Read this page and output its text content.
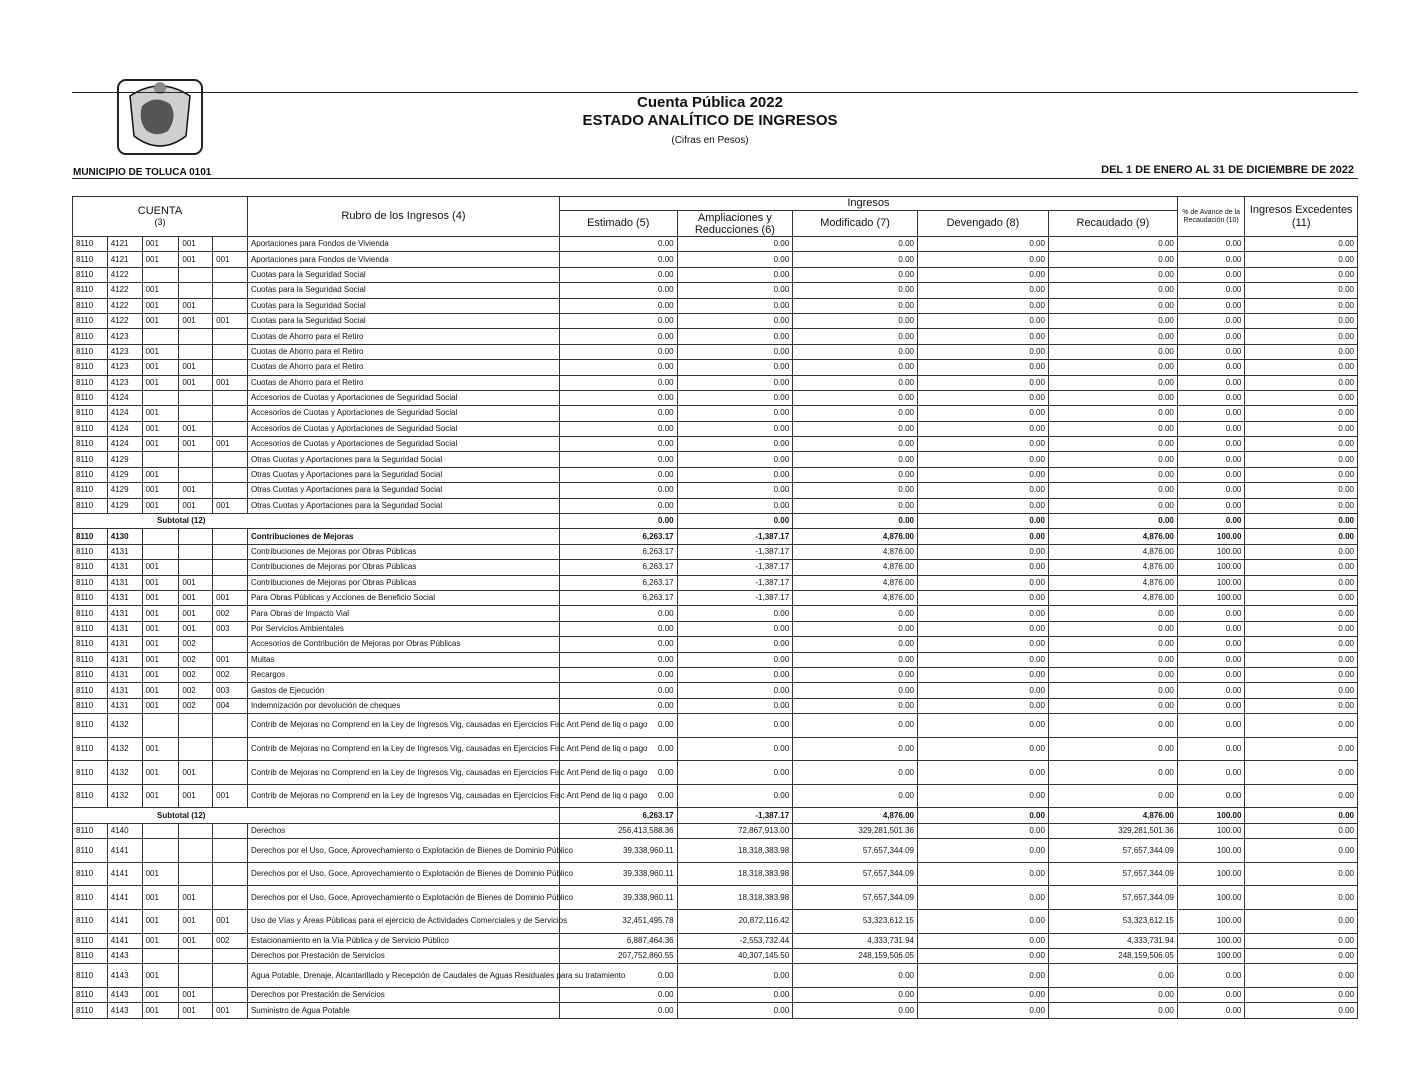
Cuenta Pública 2022
ESTADO ANALÍTICO DE INGRESOS
(Cifras en Pesos)
MUNICIPIO DE TOLUCA 0101	DEL 1 DE ENERO AL 31 DE DICIEMBRE DE 2022
CUENTA
(3)					Rubro de los Ingresos (4)	Ingresos					% de Avance de la Recaudación (10)	Ingresos Excedentes (11)
						Estimado (5)	Ampliaciones y Reducciones (6)	Modificado (7)	Devengado (8)	Recaudado (9)		
8110	4121	001	001		Aportaciones para Fondos de Vivienda	0.00	0.00	0.00	0.00	0.00	0.00	0.00
8110	4121	001	001	001	Aportaciones para Fondos de Vivienda	0.00	0.00	0.00	0.00	0.00	0.00	0.00
8110	4122				Cuotas para la Seguridad Social	0.00	0.00	0.00	0.00	0.00	0.00	0.00
8110	4122	001			Cuotas para la Seguridad Social	0.00	0.00	0.00	0.00	0.00	0.00	0.00
8110	4122	001	001		Cuotas para la Seguridad Social	0.00	0.00	0.00	0.00	0.00	0.00	0.00
8110	4122	001	001	001	Cuotas para la Seguridad Social	0.00	0.00	0.00	0.00	0.00	0.00	0.00
8110	4123				Cuotas de Ahorro para el Retiro	0.00	0.00	0.00	0.00	0.00	0.00	0.00
8110	4123	001			Cuotas de Ahorro para el Retiro	0.00	0.00	0.00	0.00	0.00	0.00	0.00
8110	4123	001	001		Cuotas de Ahorro para el Retiro	0.00	0.00	0.00	0.00	0.00	0.00	0.00
8110	4123	001	001	001	Cuotas de Ahorro para el Retiro	0.00	0.00	0.00	0.00	0.00	0.00	0.00
8110	4124				Accesorios de Cuotas y Aportaciones de Seguridad Social	0.00	0.00	0.00	0.00	0.00	0.00	0.00
8110	4124	001			Accesorios de Cuotas y Aportaciones de Seguridad Social	0.00	0.00	0.00	0.00	0.00	0.00	0.00
8110	4124	001	001		Accesorios de Cuotas y Aportaciones de Seguridad Social	0.00	0.00	0.00	0.00	0.00	0.00	0.00
8110	4124	001	001	001	Accesorios de Cuotas y Aportaciones de Seguridad Social	0.00	0.00	0.00	0.00	0.00	0.00	0.00
8110	4129				Otras Cuotas y Aportaciones para la Seguridad Social	0.00	0.00	0.00	0.00	0.00	0.00	0.00
8110	4129	001			Otras Cuotas y Aportaciones para la Seguridad Social	0.00	0.00	0.00	0.00	0.00	0.00	0.00
8110	4129	001	001		Otras Cuotas y Aportaciones para la Seguridad Social	0.00	0.00	0.00	0.00	0.00	0.00	0.00
8110	4129	001	001	001	Otras Cuotas y Aportaciones para la Seguridad Social	0.00	0.00	0.00	0.00	0.00	0.00	0.00
Subtotal (12)						0.00	0.00	0.00	0.00	0.00	0.00	0.00
8110	4130				Contribuciones de Mejoras	6,263.17	-1,387.17	4,876.00	0.00	4,876.00	100.00	0.00
8110	4131				Contribuciones de Mejoras por Obras Públicas	6,263.17	-1,387.17	4,876.00	0.00	4,876.00	100.00	0.00
8110	4131	001			Contribuciones de Mejoras por Obras Públicas	6,263.17	-1,387.17	4,876.00	0.00	4,876.00	100.00	0.00
8110	4131	001	001		Contribuciones de Mejoras por Obras Públicas	6,263.17	-1,387.17	4,876.00	0.00	4,876.00	100.00	0.00
8110	4131	001	001	001	Para Obras Públicas y Acciones de Beneficio Social	6,263.17	-1,387.17	4,876.00	0.00	4,876.00	100.00	0.00
8110	4131	001	001	002	Para Obras de Impacto Vial	0.00	0.00	0.00	0.00	0.00	0.00	0.00
8110	4131	001	001	003	Por Servicios Ambientales	0.00	0.00	0.00	0.00	0.00	0.00	0.00
8110	4131	001	002		Accesorios de Contribución de Mejoras por Obras Públicas	0.00	0.00	0.00	0.00	0.00	0.00	0.00
8110	4131	001	002	001	Multas	0.00	0.00	0.00	0.00	0.00	0.00	0.00
8110	4131	001	002	002	Recargos	0.00	0.00	0.00	0.00	0.00	0.00	0.00
8110	4131	001	002	003	Gastos de Ejecución	0.00	0.00	0.00	0.00	0.00	0.00	0.00
8110	4131	001	002	004	Indemnización por devolución de cheques	0.00	0.00	0.00	0.00	0.00	0.00	0.00
8110	4132				Contrib de Mejoras no Comprend en la Ley de Ingresos Vig, causadas en Ejercicios Fisc Ant Pend de liq o pago	0.00	0.00	0.00	0.00	0.00	0.00	0.00
8110	4132	001			Contrib de Mejoras no Comprend en la Ley de Ingresos Vig, causadas en Ejercicios Fisc Ant Pend de liq o pago	0.00	0.00	0.00	0.00	0.00	0.00	0.00
8110	4132	001	001		Contrib de Mejoras no Comprend en la Ley de Ingresos Vig, causadas en Ejercicios Fisc Ant Pend de liq o pago	0.00	0.00	0.00	0.00	0.00	0.00	0.00
8110	4132	001	001	001	Contrib de Mejoras no Comprend en la Ley de Ingresos Vig, causadas en Ejercicios Fisc Ant Pend de liq o pago	0.00	0.00	0.00	0.00	0.00	0.00	0.00
Subtotal (12)						6,263.17	-1,387.17	4,876.00	0.00	4,876.00	100.00	0.00
8110	4140				Derechos	256,413,588.36	72,867,913.00	329,281,501.36	0.00	329,281,501.36	100.00	0.00
8110	4141				Derechos por el Uso, Goce, Aprovechamiento o Explotación de Bienes de Dominio Público	39,338,960.11	18,318,383.98	57,657,344.09	0.00	57,657,344.09	100.00	0.00
8110	4141	001			Derechos por el Uso, Goce, Aprovechamiento o Explotación de Bienes de Dominio Público	39,338,960.11	18,318,383.98	57,657,344.09	0.00	57,657,344.09	100.00	0.00
8110	4141	001	001		Derechos por el Uso, Goce, Aprovechamiento o Explotación de Bienes de Dominio Público	39,338,960.11	18,318,383.98	57,657,344.09	0.00	57,657,344.09	100.00	0.00
8110	4141	001	001	001	Uso de Vías y Áreas Públicas para el ejercicio de Actividades Comerciales y de Servicios	32,451,495.78	20,872,116.42	53,323,612.15	0.00	53,323,612.15	100.00	0.00
8110	4141	001	001	002	Estacionamiento en la Vía Pública y de Servicio Público	6,887,464.36	-2,553,732.44	4,333,731.94	0.00	4,333,731.94	100.00	0.00
8110	4143				Derechos por Prestación de Servicios	207,752,860.55	40,307,145.50	248,159,506.05	0.00	248,159,506.05	100.00	0.00
8110	4143	001			Agua Potable, Drenaje, Alcantarillado y Recepción de Caudales de Aguas Residuales para su tratamiento	0.00	0.00	0.00	0.00	0.00	0.00	0.00
8110	4143	001	001		Derechos por Prestación de Servicios	0.00	0.00	0.00	0.00	0.00	0.00	0.00
8110	4143	001	001	001	Suministro de Agua Potable	0.00	0.00	0.00	0.00	0.00	0.00	0.00
